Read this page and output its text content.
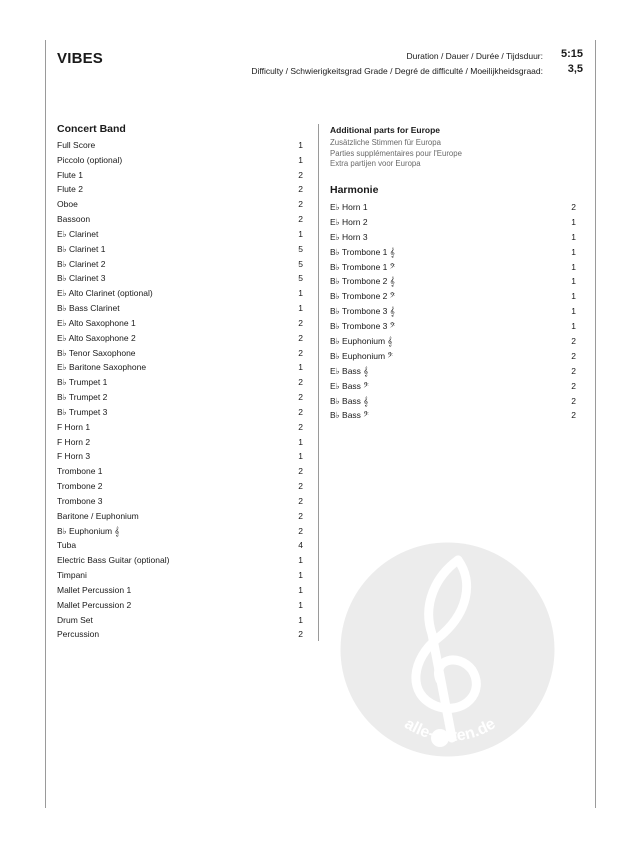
VIBES	Duration / Dauer / Durée / Tijdsduur:	5:15
Difficulty / Schwierigkeitsgrad Grade / Degré de difficulté / Moeilijkheidsgraad:	3,5
Concert Band
Full Score	1
Piccolo (optional)	1
Flute 1	2
Flute 2	2
Oboe	2
Bassoon	2
E♭ Clarinet	1
B♭ Clarinet 1	5
B♭ Clarinet 2	5
B♭ Clarinet 3	5
E♭ Alto Clarinet (optional)	1
B♭ Bass Clarinet	1
E♭ Alto Saxophone 1	2
E♭ Alto Saxophone 2	2
B♭ Tenor Saxophone	2
E♭ Baritone Saxophone	1
B♭ Trumpet 1	2
B♭ Trumpet 2	2
B♭ Trumpet 3	2
F Horn 1	2
F Horn 2	1
F Horn 3	1
Trombone 1	2
Trombone 2	2
Trombone 3	2
Baritone / Euphonium	2
B♭ Euphonium 𝄞	2
Tuba	4
Electric Bass Guitar (optional)	1
Timpani	1
Mallet Percussion 1	1
Mallet Percussion 2	1
Drum Set	1
Percussion	2
Additional parts for Europe
Zusätzliche Stimmen für Europa
Parties supplémentaires pour l'Europe
Extra partijen voor Europa
Harmonie
E♭ Horn 1	2
E♭ Horn 2	1
E♭ Horn 3	1
B♭ Trombone 1 𝄞	1
B♭ Trombone 1 𝄢	1
B♭ Trombone 2 𝄞	1
B♭ Trombone 2 𝄢	1
B♭ Trombone 3 𝄞	1
B♭ Trombone 3 𝄢	1
B♭ Euphonium 𝄞	2
B♭ Euphonium 𝄢	2
E♭ Bass 𝄞	2
E♭ Bass 𝄢	2
B♭ Bass 𝄞	2
B♭ Bass 𝄢	2
alle-noten.de
